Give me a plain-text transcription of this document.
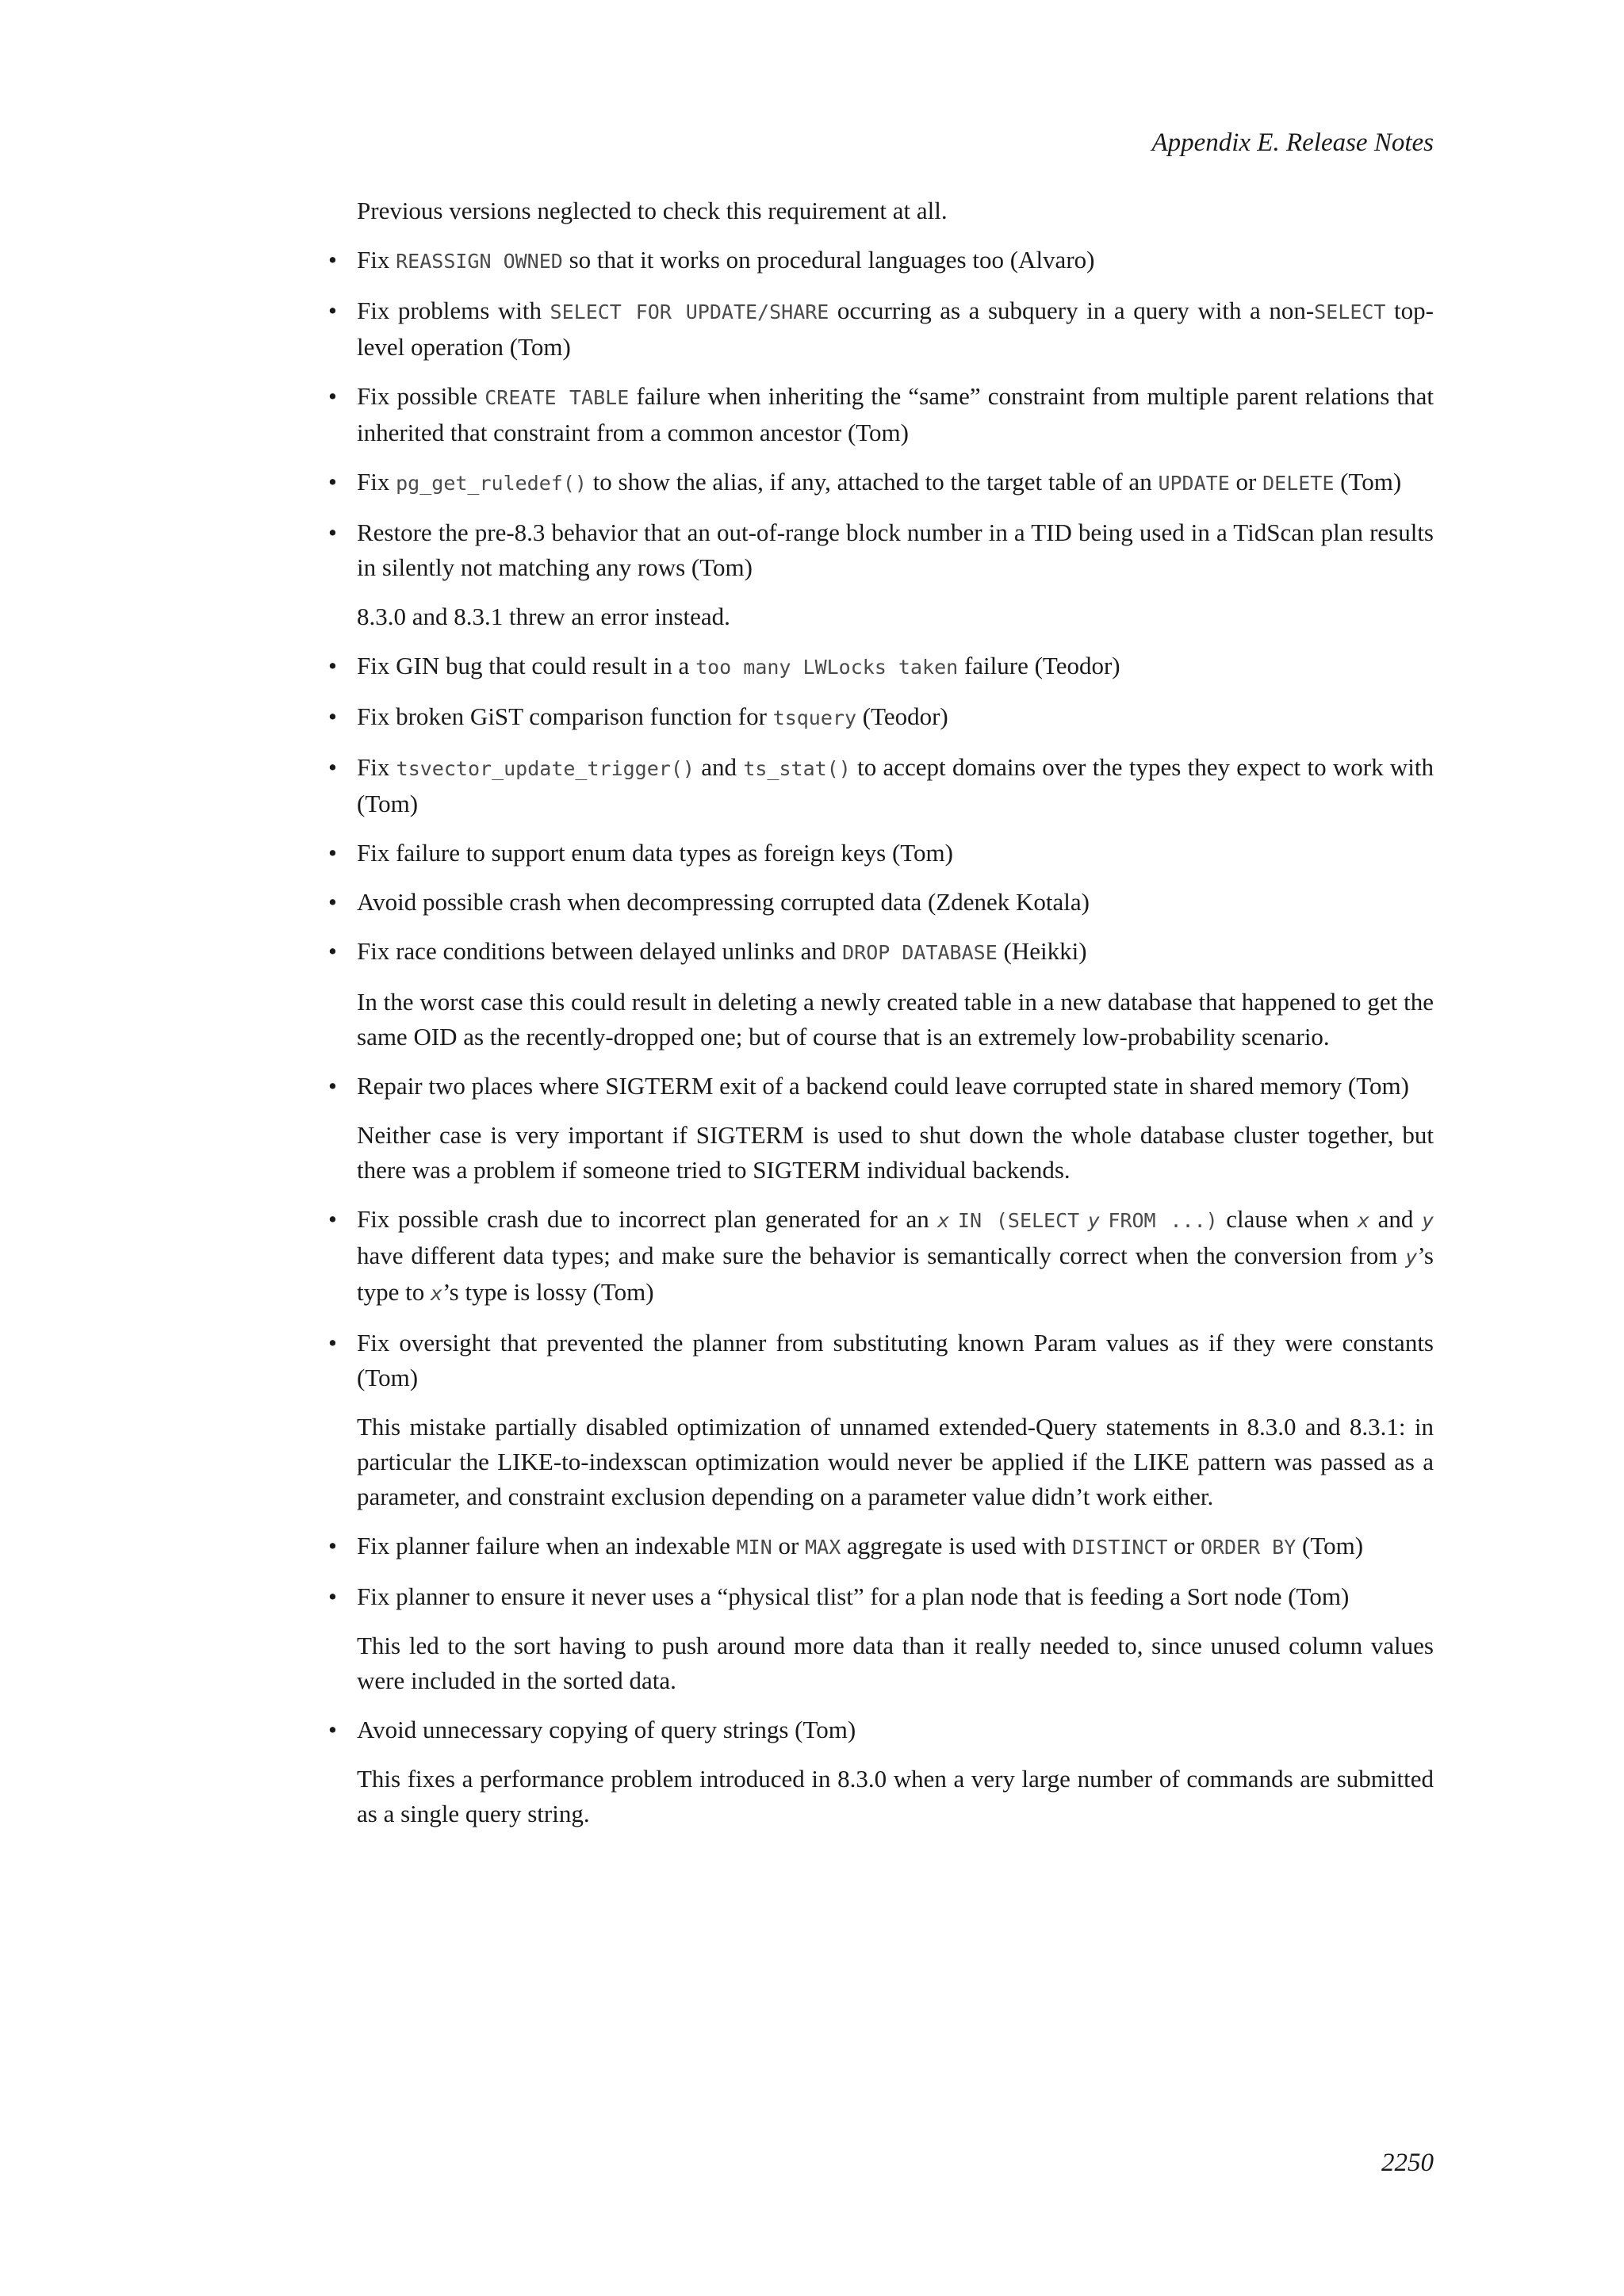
Appendix E. Release Notes

Previous versions neglected to check this requirement at all.

• Fix REASSIGN OWNED so that it works on procedural languages too (Alvaro)
• Fix problems with SELECT FOR UPDATE/SHARE occurring as a subquery in a query with a non-SELECT top-level operation (Tom)
• Fix possible CREATE TABLE failure when inheriting the “same” constraint from multiple parent relations that inherited that constraint from a common ancestor (Tom)
• Fix pg_get_ruledef() to show the alias, if any, attached to the target table of an UPDATE or DELETE (Tom)
• Restore the pre-8.3 behavior that an out-of-range block number in a TID being used in a TidScan plan results in silently not matching any rows (Tom)

8.3.0 and 8.3.1 threw an error instead.

• Fix GIN bug that could result in a too many LWLocks taken failure (Teodor)
• Fix broken GiST comparison function for tsquery (Teodor)
• Fix tsvector_update_trigger() and ts_stat() to accept domains over the types they expect to work with (Tom)
• Fix failure to support enum data types as foreign keys (Tom)
• Avoid possible crash when decompressing corrupted data (Zdenek Kotala)
• Fix race conditions between delayed unlinks and DROP DATABASE (Heikki)

In the worst case this could result in deleting a newly created table in a new database that happened to get the same OID as the recently-dropped one; but of course that is an extremely low-probability scenario.

• Repair two places where SIGTERM exit of a backend could leave corrupted state in shared memory (Tom)

Neither case is very important if SIGTERM is used to shut down the whole database cluster together, but there was a problem if someone tried to SIGTERM individual backends.

• Fix possible crash due to incorrect plan generated for an x IN (SELECT y FROM ...) clause when x and y have different data types; and make sure the behavior is semantically correct when the conversion from y’s type to x’s type is lossy (Tom)
• Fix oversight that prevented the planner from substituting known Param values as if they were constants (Tom)

This mistake partially disabled optimization of unnamed extended-Query statements in 8.3.0 and 8.3.1: in particular the LIKE-to-indexscan optimization would never be applied if the LIKE pattern was passed as a parameter, and constraint exclusion depending on a parameter value didn’t work either.

• Fix planner failure when an indexable MIN or MAX aggregate is used with DISTINCT or ORDER BY (Tom)
• Fix planner to ensure it never uses a “physical tlist” for a plan node that is feeding a Sort node (Tom)

This led to the sort having to push around more data than it really needed to, since unused column values were included in the sorted data.

• Avoid unnecessary copying of query strings (Tom)

This fixes a performance problem introduced in 8.3.0 when a very large number of commands are submitted as a single query string.

2250
